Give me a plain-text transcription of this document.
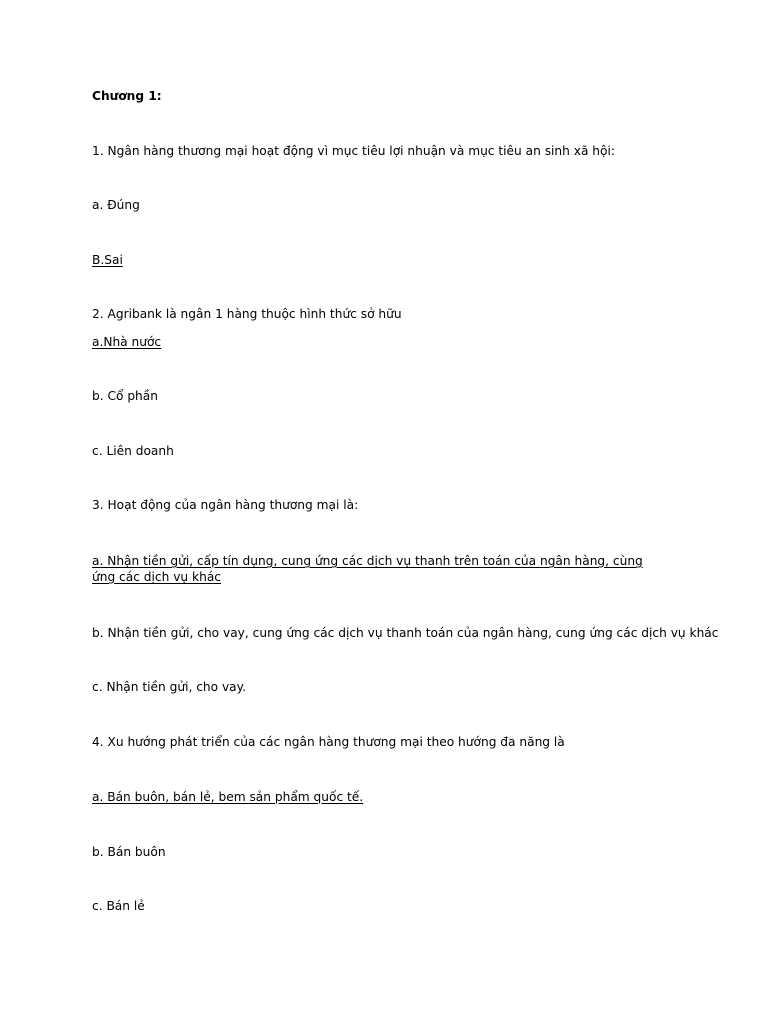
Chương 1:
1. Ngân hàng thương mại hoạt động vì mục tiêu lợi nhuận và mục tiêu an sinh xã hội:
a. Đúng
B.Sai
2. Agribank là ngân 1 hàng thuộc hình thức sở hữu
a.Nhà nước
b. Cổ phần
c. Liên doanh
3. Hoạt động của ngân hàng thương mại là:
a. Nhận tiền gửi, cấp tín dụng, cung ứng các dịch vụ thanh trên toán của ngân hàng, cùng ứng các dịch vụ khác
b. Nhận tiền gửi, cho vay, cung ứng các dịch vụ thanh toán của ngân hàng, cung ứng các dịch vụ khác
c. Nhận tiền gửi, cho vay.
4. Xu hướng phát triển của các ngân hàng thương mại theo hướng đa năng là
a. Bán buôn, bán lẻ, bem sản phẩm quốc tế.
b. Bán buôn
c. Bán lẻ
